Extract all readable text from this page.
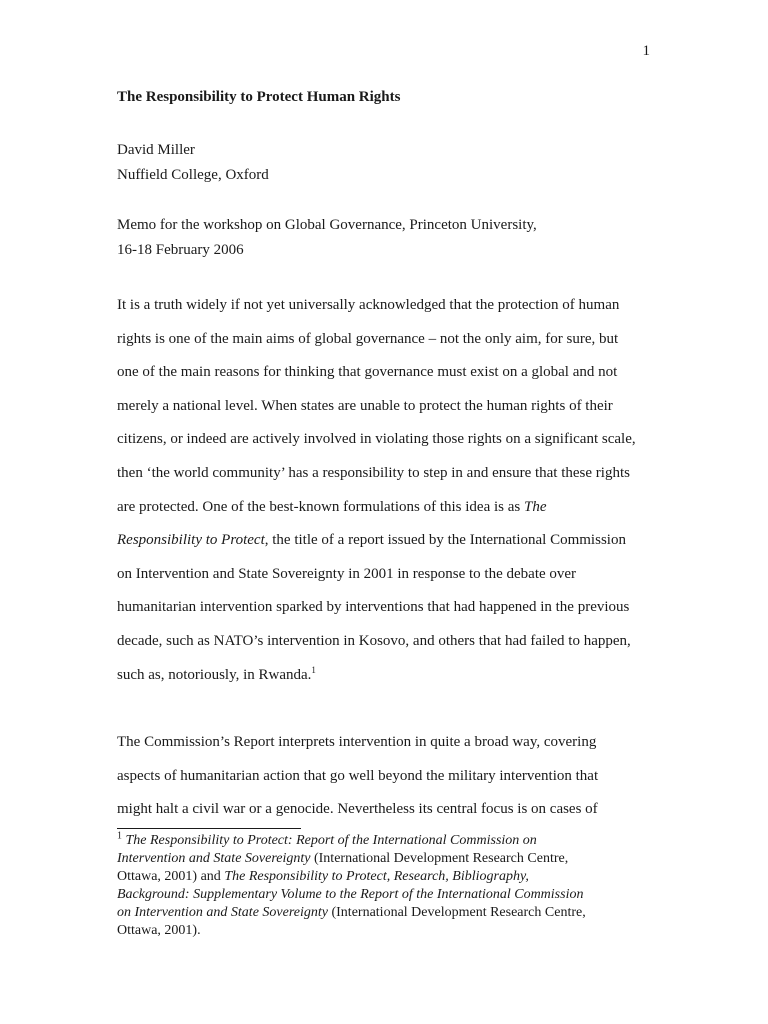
1
The Responsibility to Protect Human Rights
David Miller
Nuffield College, Oxford
Memo for the workshop on Global Governance, Princeton University,
16-18 February 2006
It is a truth widely if not yet universally acknowledged that the protection of human
rights is one of the main aims of global governance – not the only aim, for sure, but
one of the main reasons for thinking that governance must exist on a global and not
merely a national level. When states are unable to protect the human rights of their
citizens, or indeed are actively involved in violating those rights on a significant scale,
then ‘the world community’ has a responsibility to step in and ensure that these rights
are protected. One of the best-known formulations of this idea is as The
Responsibility to Protect, the title of a report issued by the International Commission
on Intervention and State Sovereignty in 2001 in response to the debate over
humanitarian intervention sparked by interventions that had happened in the previous
decade, such as NATO’s intervention in Kosovo, and others that had failed to happen,
such as, notoriously, in Rwanda.$^1$
The Commission’s Report interprets intervention in quite a broad way, covering
aspects of humanitarian action that go well beyond the military intervention that
might halt a civil war or a genocide. Nevertheless its central focus is on cases of
$^1$ The Responsibility to Protect: Report of the International Commission on
Intervention and State Sovereignty (International Development Research Centre,
Ottawa, 2001) and The Responsibility to Protect, Research, Bibliography,
Background: Supplementary Volume to the Report of the International Commission
on Intervention and State Sovereignty (International Development Research Centre,
Ottawa, 2001).
